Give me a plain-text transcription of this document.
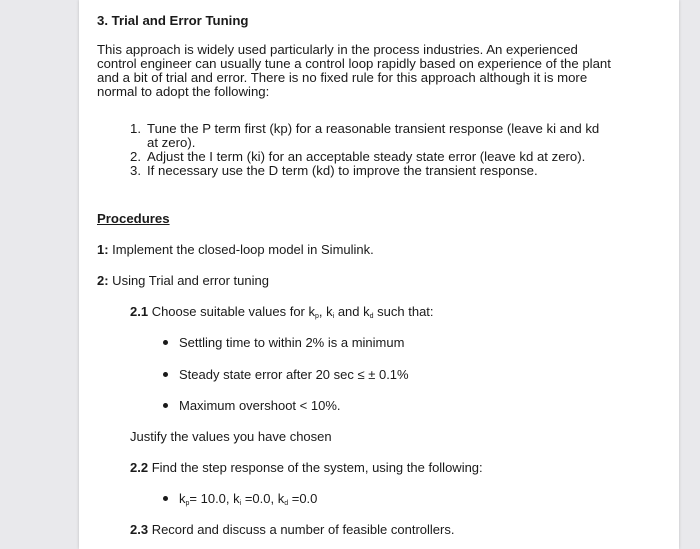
3. Trial and Error Tuning
This approach is widely used particularly in the process industries. An experienced
control engineer can usually tune a control loop rapidly based on experience of the plant
and a bit of trial and error. There is no fixed rule for this approach although it is more
normal to adopt the following:
1. Tune the P term first (kp) for a reasonable transient response (leave ki and kd
at zero).
2. Adjust the I term (ki) for an acceptable steady state error (leave kd at zero).
3. If necessary use the D term (kd) to improve the transient response.
Procedures
1: Implement the closed-loop model in Simulink.
2: Using Trial and error tuning
2.1 Choose suitable values for $k_p$, $k_i$ and $k_d$ such that:
Settling time to within 2% is a minimum
Steady state error after 20 sec ≤ ± 0.1%
Maximum overshoot < 10%.
Justify the values you have chosen
2.2 Find the step response of the system, using the following:
$k_p= 10.0$, $k_i =0.0$, $k_d =0.0$
2.3 Record and discuss a number of feasible controllers.
